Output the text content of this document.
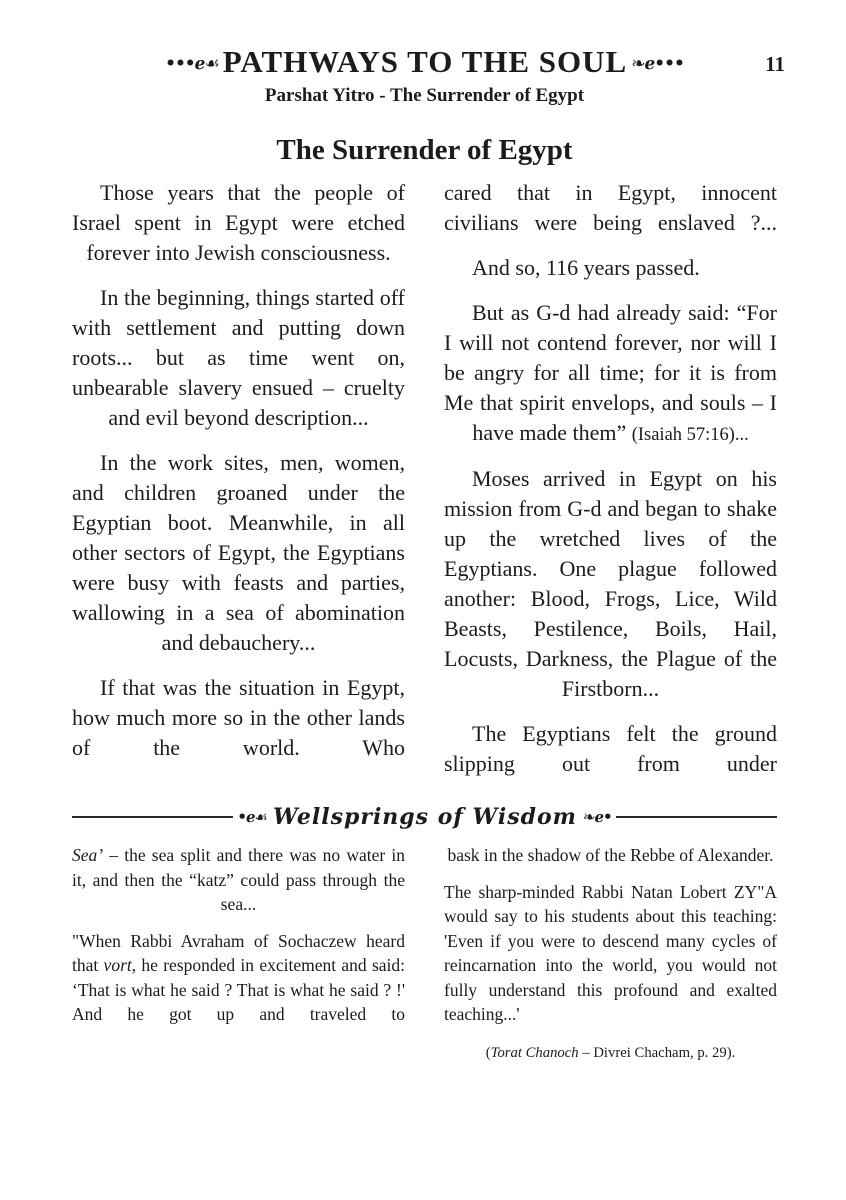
•••ℯ☙ PATHWAYS TO THE SOUL ❧ℯ•••	11
Parshat Yitro - The Surrender of Egypt
The Surrender of Egypt

Those years that the people of Israel spent in Egypt were etched forever into Jewish consciousness.

In the beginning, things started off with settlement and putting down roots... but as time went on, unbearable slavery ensued – cruelty and evil beyond description...

In the work sites, men, women, and children groaned under the Egyptian boot. Meanwhile, in all other sectors of Egypt, the Egyptians were busy with feasts and parties, wallowing in a sea of abomination and debauchery...

If that was the situation in Egypt, how much more so in the other lands of the world. Who

cared that in Egypt, innocent civilians were being enslaved ?...

And so, 116 years passed.

But as G-d had already said: “For I will not contend forever, nor will I be angry for all time; for it is from Me that spirit envelops, and souls – I have made them” (Isaiah 57:16)...

Moses arrived in Egypt on his mission from G-d and began to shake up the wretched lives of the Egyptians. One plague followed another: Blood, Frogs, Lice, Wild Beasts, Pestilence, Boils, Hail, Locusts, Darkness, the Plague of the Firstborn...

The Egyptians felt the ground slipping out from under

•ℯ☙ Wellsprings of Wisdom ❧ℯ•

Sea’ – the sea split and there was no water in it, and then the “katz” could pass through the sea...

"When Rabbi Avraham of Sochaczew heard that vort, he responded in excitement and said: ‘That is what he said ? That is what he said ? !' And he got up and traveled to

bask in the shadow of the Rebbe of Alexander.

The sharp-minded Rabbi Natan Lobert ZY"A would say to his students about this teaching: 'Even if you were to descend many cycles of reincarnation into the world, you would not fully understand this profound and exalted teaching...'

(Torat Chanoch – Divrei Chacham, p. 29).
